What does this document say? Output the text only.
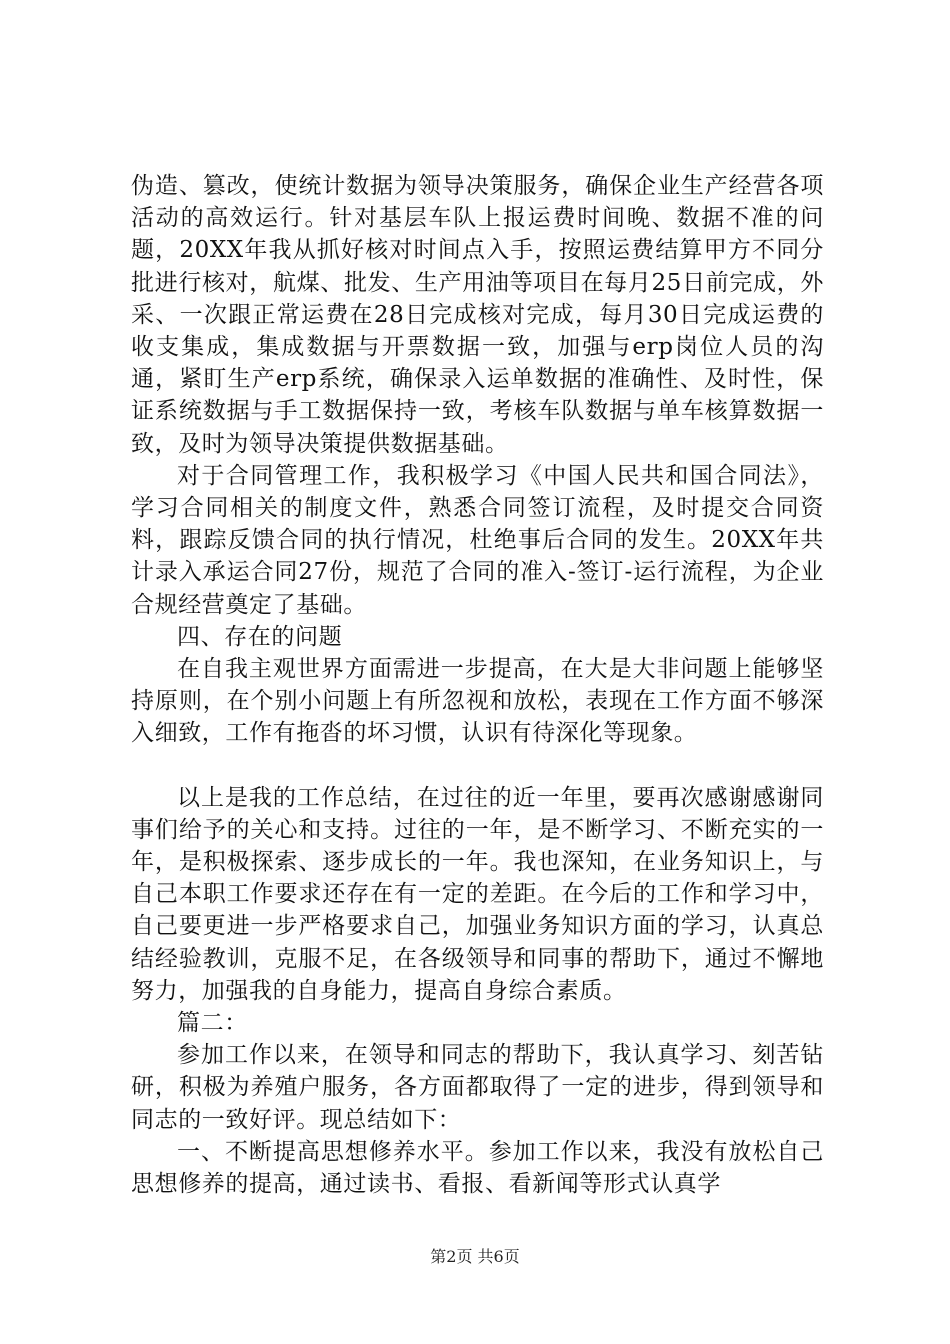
伪造、篡改，使统计数据为领导决策服务，确保企业生产经营各项活动的高效运行。针对基层车队上报运费时间晚、数据不准的问题，20XX年我从抓好核对时间点入手，按照运费结算甲方不同分批进行核对，航煤、批发、生产用油等项目在每月25日前完成，外采、一次跟正常运费在28日完成核对完成，每月30日完成运费的收支集成，集成数据与开票数据一致，加强与erp岗位人员的沟通，紧盯生产erp系统，确保录入运单数据的准确性、及时性，保证系统数据与手工数据保持一致，考核车队数据与单车核算数据一致，及时为领导决策提供数据基础。

对于合同管理工作，我积极学习《中国人民共和国合同法》，学习合同相关的制度文件，熟悉合同签订流程，及时提交合同资料，跟踪反馈合同的执行情况，杜绝事后合同的发生。20XX年共计录入承运合同27份，规范了合同的准入-签订-运行流程，为企业合规经营奠定了基础。

四、存在的问题

在自我主观世界方面需进一步提高，在大是大非问题上能够坚持原则，在个别小问题上有所忽视和放松，表现在工作方面不够深入细致，工作有拖沓的坏习惯，认识有待深化等现象。

以上是我的工作总结，在过往的近一年里，要再次感谢感谢同事们给予的关心和支持。过往的一年，是不断学习、不断充实的一年，是积极探索、逐步成长的一年。我也深知，在业务知识上，与自己本职工作要求还存在有一定的差距。在今后的工作和学习中，自己要更进一步严格要求自己，加强业务知识方面的学习，认真总结经验教训，克服不足，在各级领导和同事的帮助下，通过不懈地努力，加强我的自身能力，提高自身综合素质。

篇二：

参加工作以来，在领导和同志的帮助下，我认真学习、刻苦钻研，积极为养殖户服务，各方面都取得了一定的进步，得到领导和同志的一致好评。现总结如下：

一、不断提高思想修养水平。参加工作以来，我没有放松自己思想修养的提高，通过读书、看报、看新闻等形式认真学

第2页 共6页
